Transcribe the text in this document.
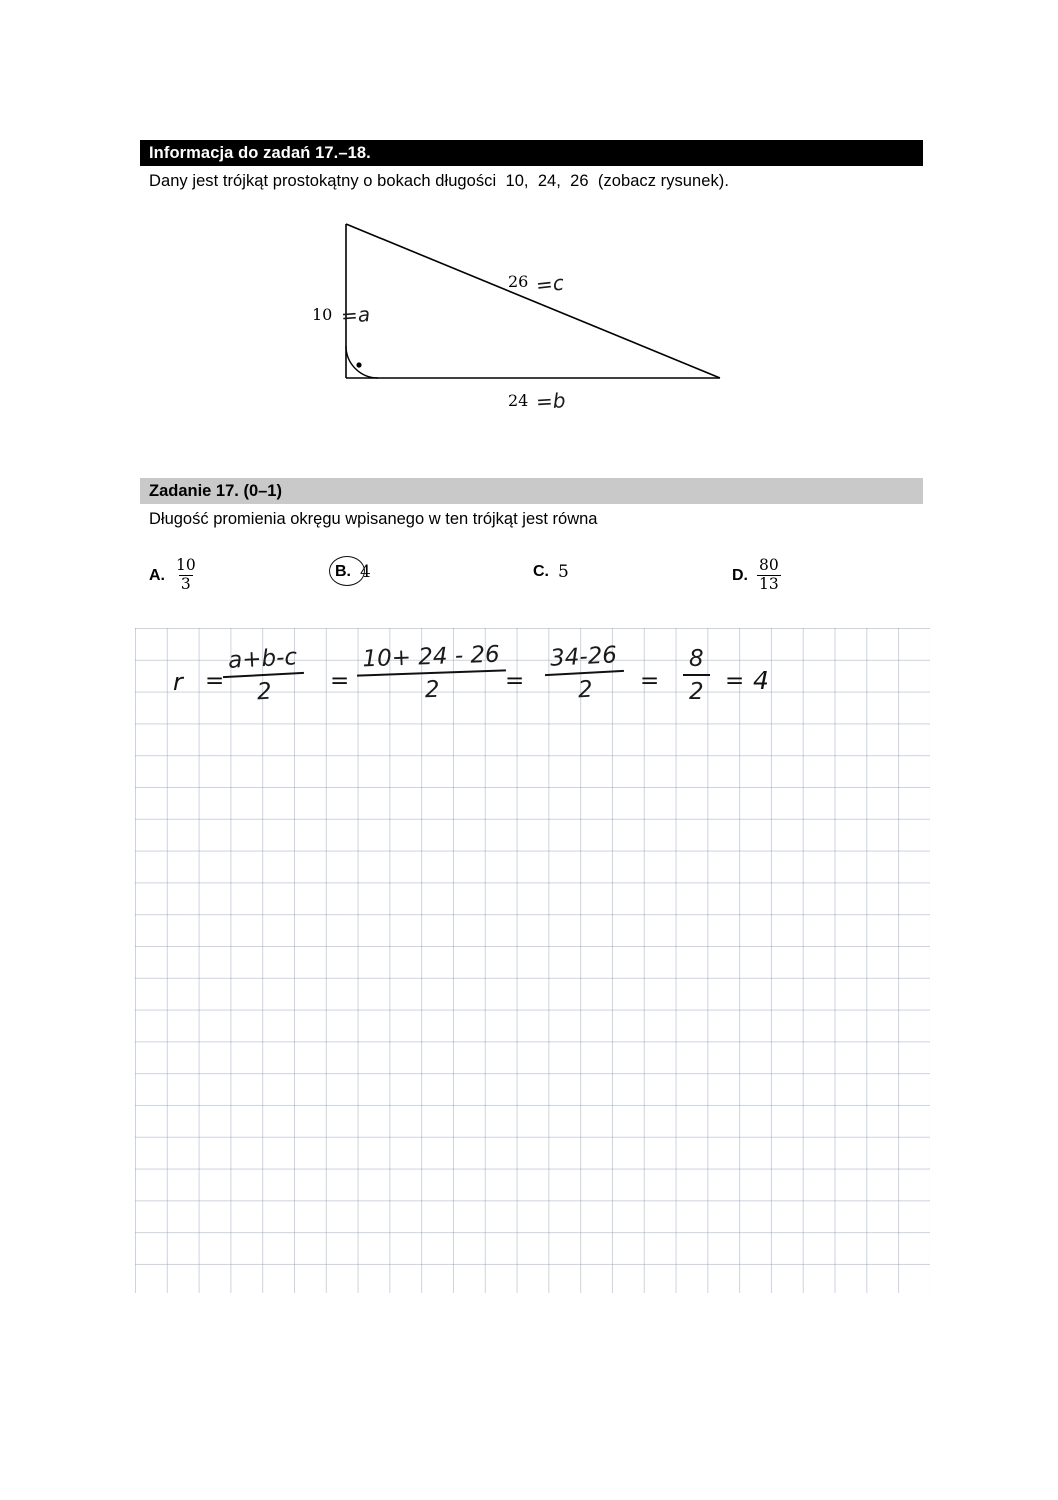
Informacja do zadań 17.–18.
Dany jest trójkąt prostokątny o bokach długości  10,  24,  26  (zobacz rysunek).
10
26
24
=a
=c
=b
Zadanie 17. (0–1)
Długość promienia okręgu wpisanego w ten trójkąt jest równa
A. $\frac{10}{3}$	B. 4	C. 5	D. $\frac{80}{13}$
r =
$\frac{a+b-c}{2} = \frac{10+ 24 - 26}{2}$
= $\frac{34-26}{2} = \frac{8}{2} = 4$
